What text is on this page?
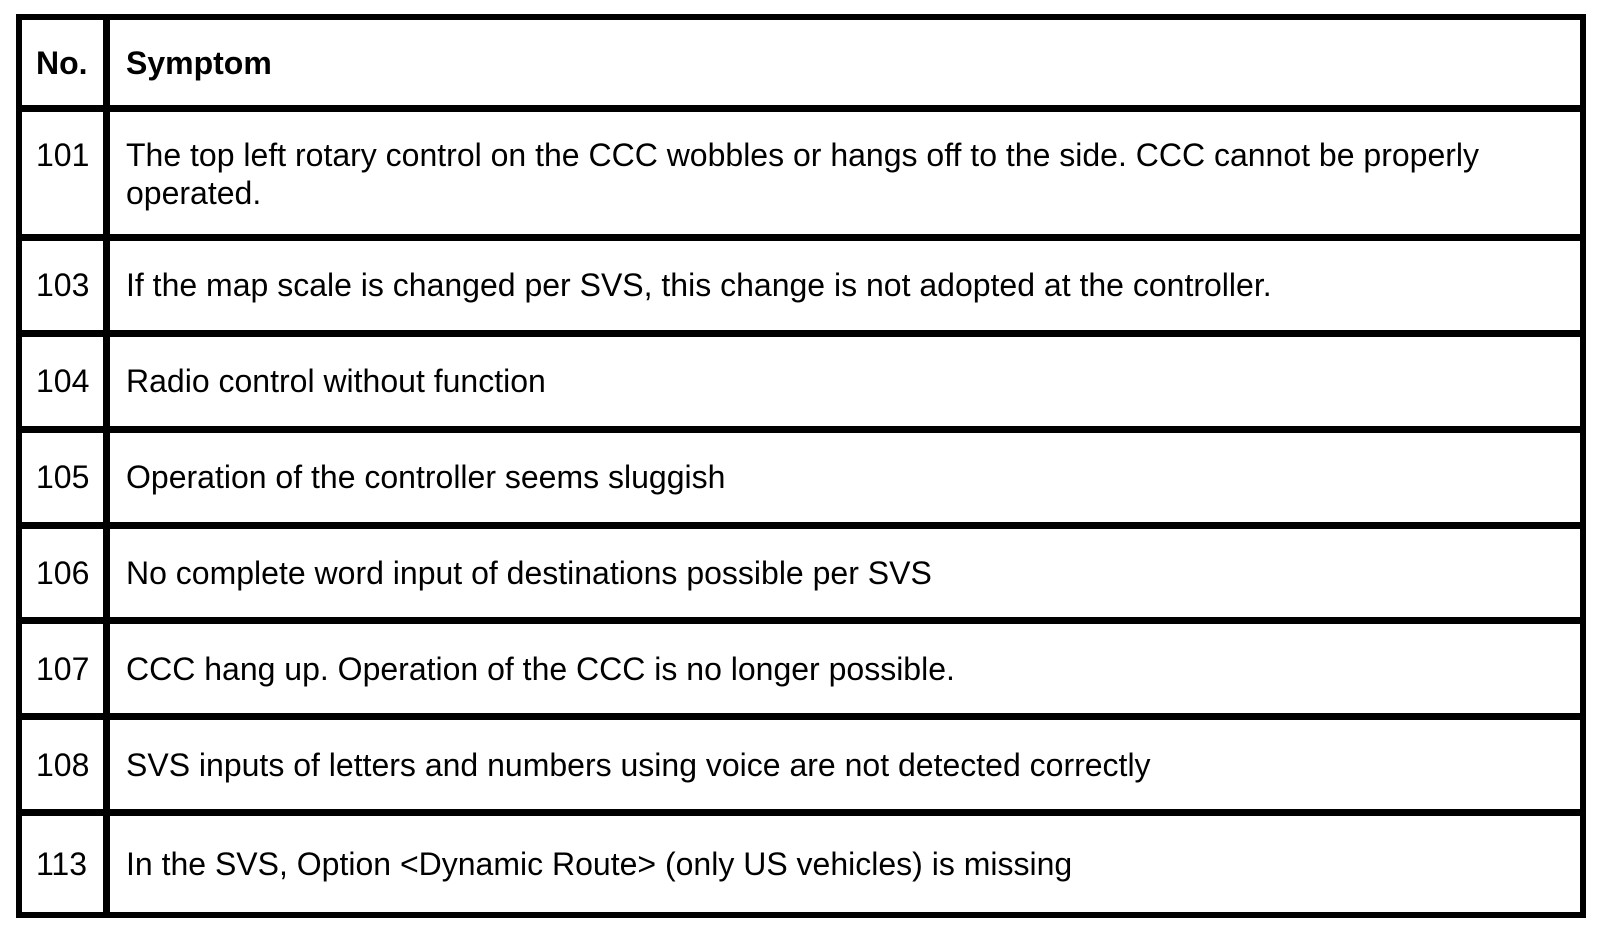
No.	Symptom
101	The top left rotary control on the CCC wobbles or hangs off to the side. CCC cannot be properly operated.
103	If the map scale is changed per SVS, this change is not adopted at the controller.
104	Radio control without function
105	Operation of the controller seems sluggish
106	No complete word input of destinations possible per SVS
107	CCC hang up. Operation of the CCC is no longer possible.
108	SVS inputs of letters and numbers using voice are not detected correctly
113	In the SVS, Option <Dynamic Route> (only US vehicles) is missing
